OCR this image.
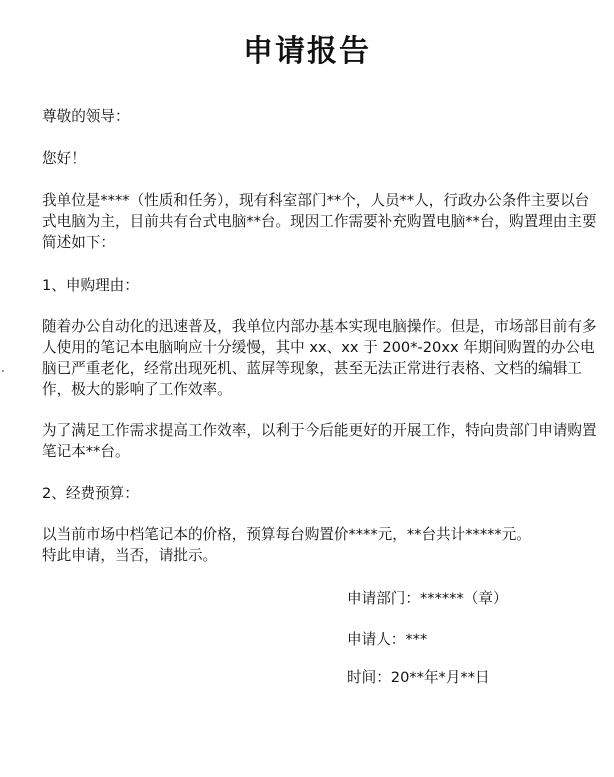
申请报告
尊敬的领导：
您好！
我单位是****（性质和任务），现有科室部门**个，人员**人，行政办公条件主要以台式电脑为主，目前共有台式电脑**台。现因工作需要补充购置电脑**台，购置理由主要简述如下：
1、申购理由：
随着办公自动化的迅速普及，我单位内部办基本实现电脑操作。但是，市场部目前有多人使用的笔记本电脑响应十分缓慢，其中 xx、xx 于 200*-20xx 年期间购置的办公电脑已严重老化，经常出现死机、蓝屏等现象，甚至无法正常进行表格、文档的编辑工作，极大的影响了工作效率。
为了满足工作需求提高工作效率，以利于今后能更好的开展工作，特向贵部门申请购置笔记本**台。
2、经费预算：
以当前市场中档笔记本的价格，预算每台购置价****元，**台共计*****元。
特此申请，当否，请批示。
申请部门：******（章）
申请人：***
时间：20**年*月**日
